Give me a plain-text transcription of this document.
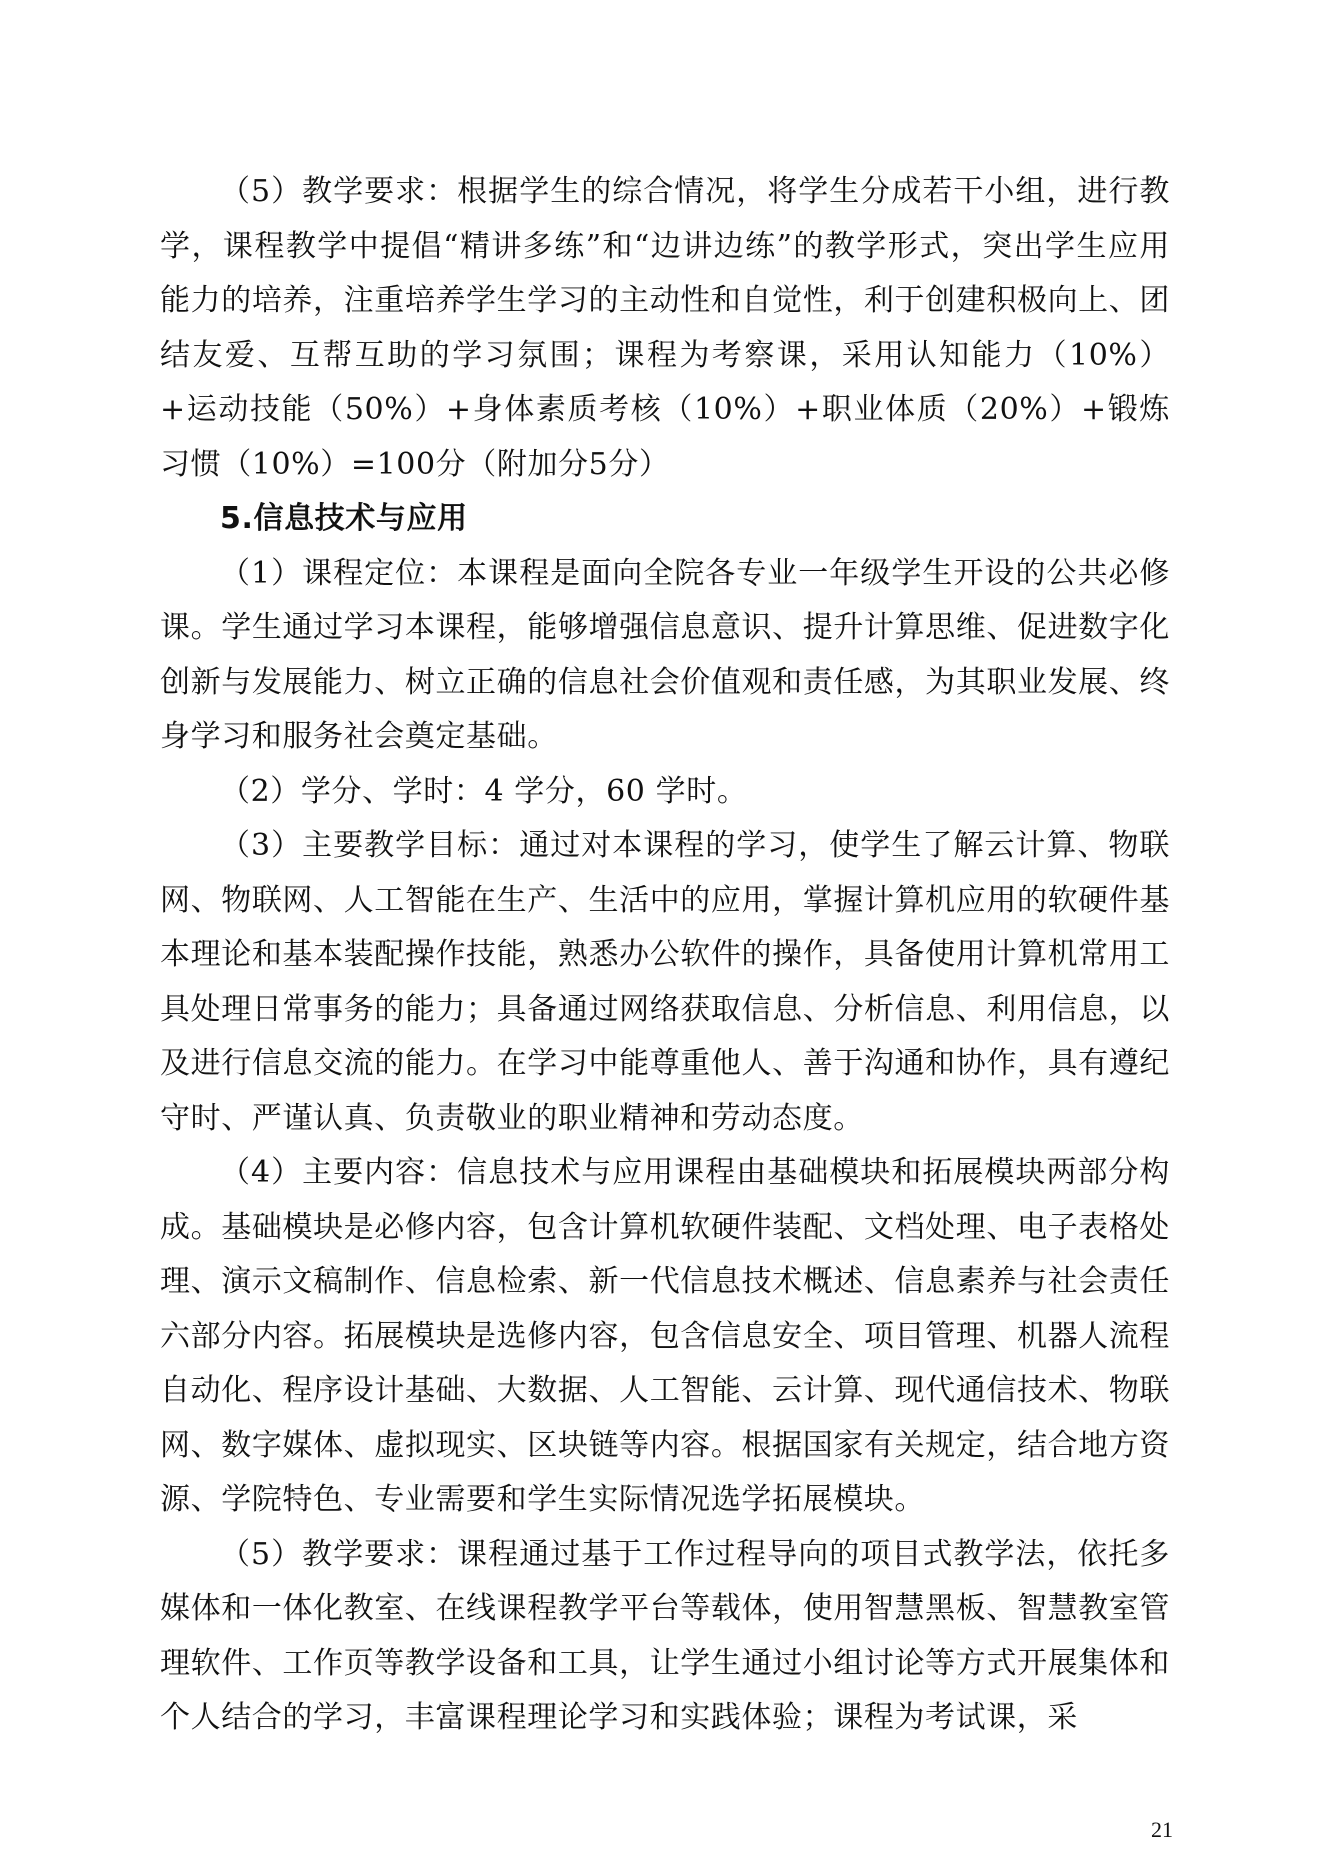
（5）教学要求：根据学生的综合情况，将学生分成若干小组，进行教学，课程教学中提倡“精讲多练”和“边讲边练”的教学形式，突出学生应用能力的培养，注重培养学生学习的主动性和自觉性，利于创建积极向上、团结友爱、互帮互助的学习氛围；课程为考察课，采用认知能力（10%）+运动技能（50%）+身体素质考核（10%）+职业体质（20%）+锻炼习惯（10%）=100分（附加分5分）

5.信息技术与应用

（1）课程定位：本课程是面向全院各专业一年级学生开设的公共必修课。学生通过学习本课程，能够增强信息意识、提升计算思维、促进数字化创新与发展能力、树立正确的信息社会价值观和责任感，为其职业发展、终身学习和服务社会奠定基础。

（2）学分、学时：4 学分，60 学时。

（3）主要教学目标：通过对本课程的学习，使学生了解云计算、物联网、物联网、人工智能在生产、生活中的应用，掌握计算机应用的软硬件基本理论和基本装配操作技能，熟悉办公软件的操作，具备使用计算机常用工具处理日常事务的能力；具备通过网络获取信息、分析信息、利用信息，以及进行信息交流的能力。在学习中能尊重他人、善于沟通和协作，具有遵纪守时、严谨认真、负责敬业的职业精神和劳动态度。

（4）主要内容：信息技术与应用课程由基础模块和拓展模块两部分构成。基础模块是必修内容，包含计算机软硬件装配、文档处理、电子表格处理、演示文稿制作、信息检索、新一代信息技术概述、信息素养与社会责任六部分内容。拓展模块是选修内容，包含信息安全、项目管理、机器人流程自动化、程序设计基础、大数据、人工智能、云计算、现代通信技术、物联网、数字媒体、虚拟现实、区块链等内容。根据国家有关规定，结合地方资源、学院特色、专业需要和学生实际情况选学拓展模块。

（5）教学要求：课程通过基于工作过程导向的项目式教学法，依托多媒体和一体化教室、在线课程教学平台等载体，使用智慧黑板、智慧教室管理软件、工作页等教学设备和工具，让学生通过小组讨论等方式开展集体和个人结合的学习，丰富课程理论学习和实践体验；课程为考试课，采

21
